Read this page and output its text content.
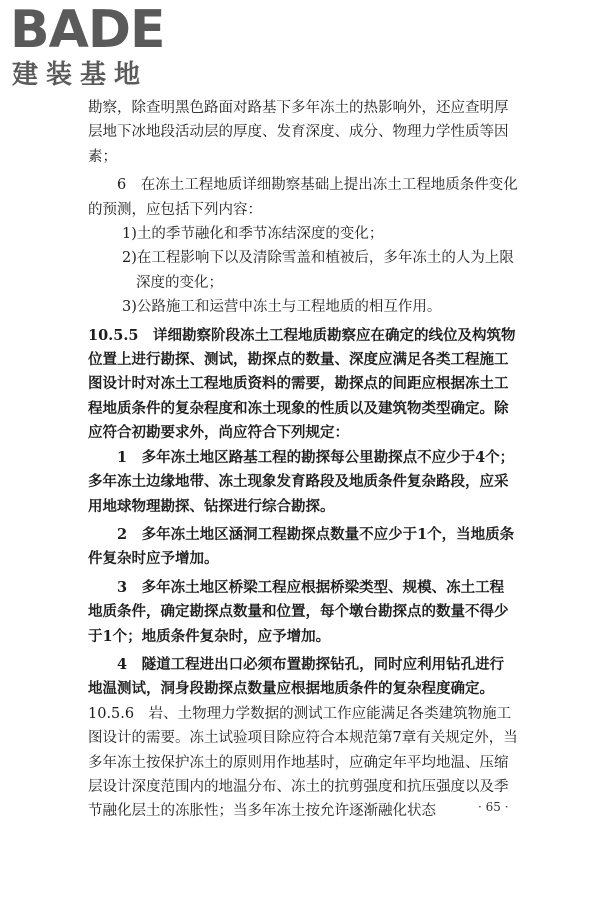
BADE
建装基地

勘察，除查明黑色路面对路基下多年冻土的热影响外，还应查明厚层地下冰地段活动层的厚度、发育深度、成分、物理力学性质等因素；

6　在冻土工程地质详细勘察基础上提出冻土工程地质条件变化的预测，应包括下列内容：

1)土的季节融化和季节冻结深度的变化；

2)在工程影响下以及清除雪盖和植被后，多年冻土的人为上限深度的变化；

3)公路施工和运营中冻土与工程地质的相互作用。

10.5.5　详细勘察阶段冻土工程地质勘察应在确定的线位及构筑物位置上进行勘探、测试，勘探点的数量、深度应满足各类工程施工图设计时对冻土工程地质资料的需要，勘探点的间距应根据冻土工程地质条件的复杂程度和冻土现象的性质以及建筑物类型确定。除应符合初勘要求外，尚应符合下列规定：

1　多年冻土地区路基工程的勘探每公里勘探点不应少于4个；多年冻土边缘地带、冻土现象发育路段及地质条件复杂路段，应采用地球物理勘探、钻探进行综合勘探。

2　多年冻土地区涵洞工程勘探点数量不应少于1个，当地质条件复杂时应予增加。

3　多年冻土地区桥梁工程应根据桥梁类型、规模、冻土工程地质条件，确定勘探点数量和位置，每个墩台勘探点的数量不得少于1个；地质条件复杂时，应予增加。

4　隧道工程进出口必须布置勘探钻孔，同时应利用钻孔进行地温测试，洞身段勘探点数量应根据地质条件的复杂程度确定。

10.5.6　岩、土物理力学数据的测试工作应能满足各类建筑物施工图设计的需要。冻土试验项目除应符合本规范第7章有关规定外，当多年冻土按保护冻土的原则用作地基时，应确定年平均地温、压缩层设计深度范围内的地温分布、冻土的抗剪强度和抗压强度以及季节融化层土的冻胀性；当多年冻土按允许逐渐融化状态	· 65 ·
